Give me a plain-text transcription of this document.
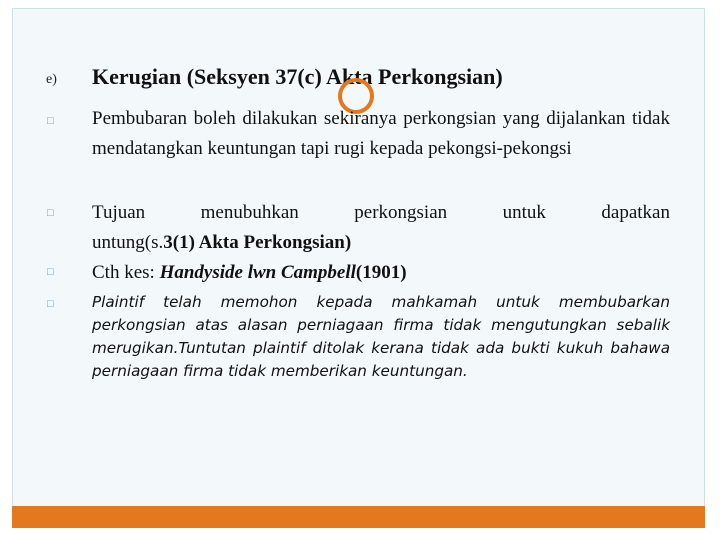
e) Kerugian (Seksyen 37(c) Akta Perkongsian)
□ Pembubaran boleh dilakukan sekiranya perkongsian yang dijalankan tidak mendatangkan keuntungan tapi rugi kepada pekongsi-pekongsi
□ Tujuan menubuhkan perkongsian untuk dapatkan
untung(s.3(1) Akta Perkongsian)
□ Cth kes: Handyside lwn Campbell(1901)
□	Plaintif telah memohon kepada mahkamah untuk membubarkan perkongsian atas alasan perniagaan firma tidak mengutungkan sebalik merugikan.Tuntutan plaintif ditolak kerana tidak ada bukti kukuh bahawa perniagaan firma tidak memberikan keuntungan.
